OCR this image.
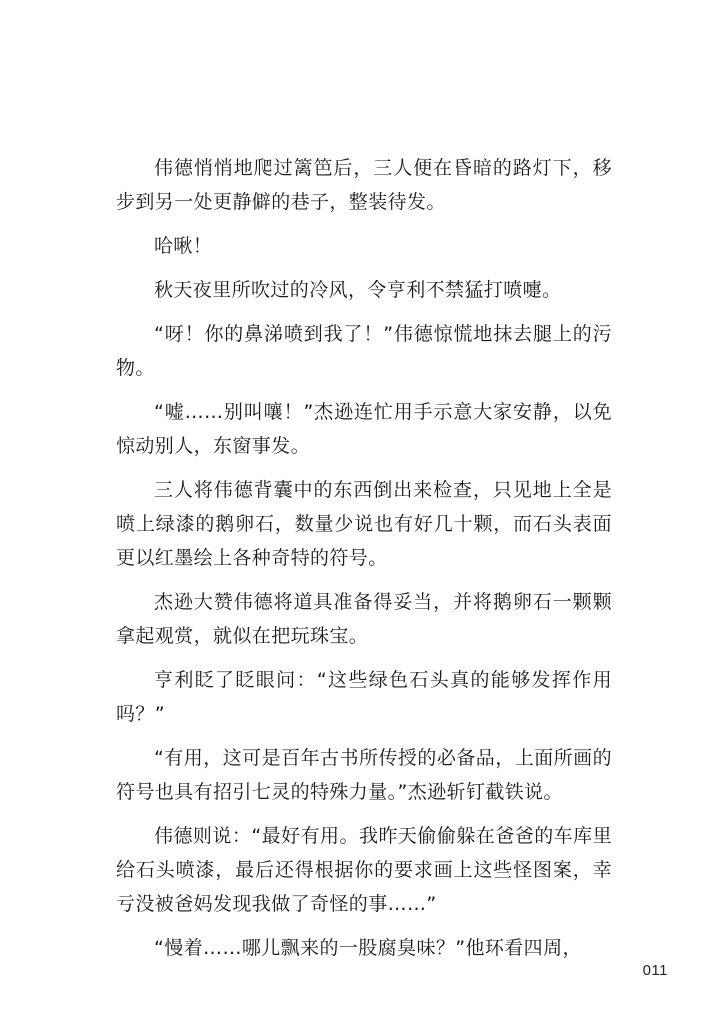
伟德悄悄地爬过篱笆后，三人便在昏暗的路灯下，移步到另一处更静僻的巷子，整装待发。

哈啾！

秋天夜里所吹过的冷风，令亨利不禁猛打喷嚏。

“呀！你的鼻涕喷到我了！”伟德惊慌地抹去腿上的污物。

“嘘……别叫嚷！”杰逊连忙用手示意大家安静，以免惊动别人，东窗事发。

三人将伟德背囊中的东西倒出来检查，只见地上全是喷上绿漆的鹅卵石，数量少说也有好几十颗，而石头表面更以红墨绘上各种奇特的符号。

杰逊大赞伟德将道具准备得妥当，并将鹅卵石一颗颗拿起观赏，就似在把玩珠宝。

亨利眨了眨眼问：“这些绿色石头真的能够发挥作用吗？”

“有用，这可是百年古书所传授的必备品，上面所画的符号也具有招引七灵的特殊力量。”杰逊斩钉截铁说。

伟德则说：“最好有用。我昨天偷偷躲在爸爸的车库里给石头喷漆，最后还得根据你的要求画上这些怪图案，幸亏没被爸妈发现我做了奇怪的事……”

“慢着……哪儿飘来的一股腐臭味？”他环看四周，

011
